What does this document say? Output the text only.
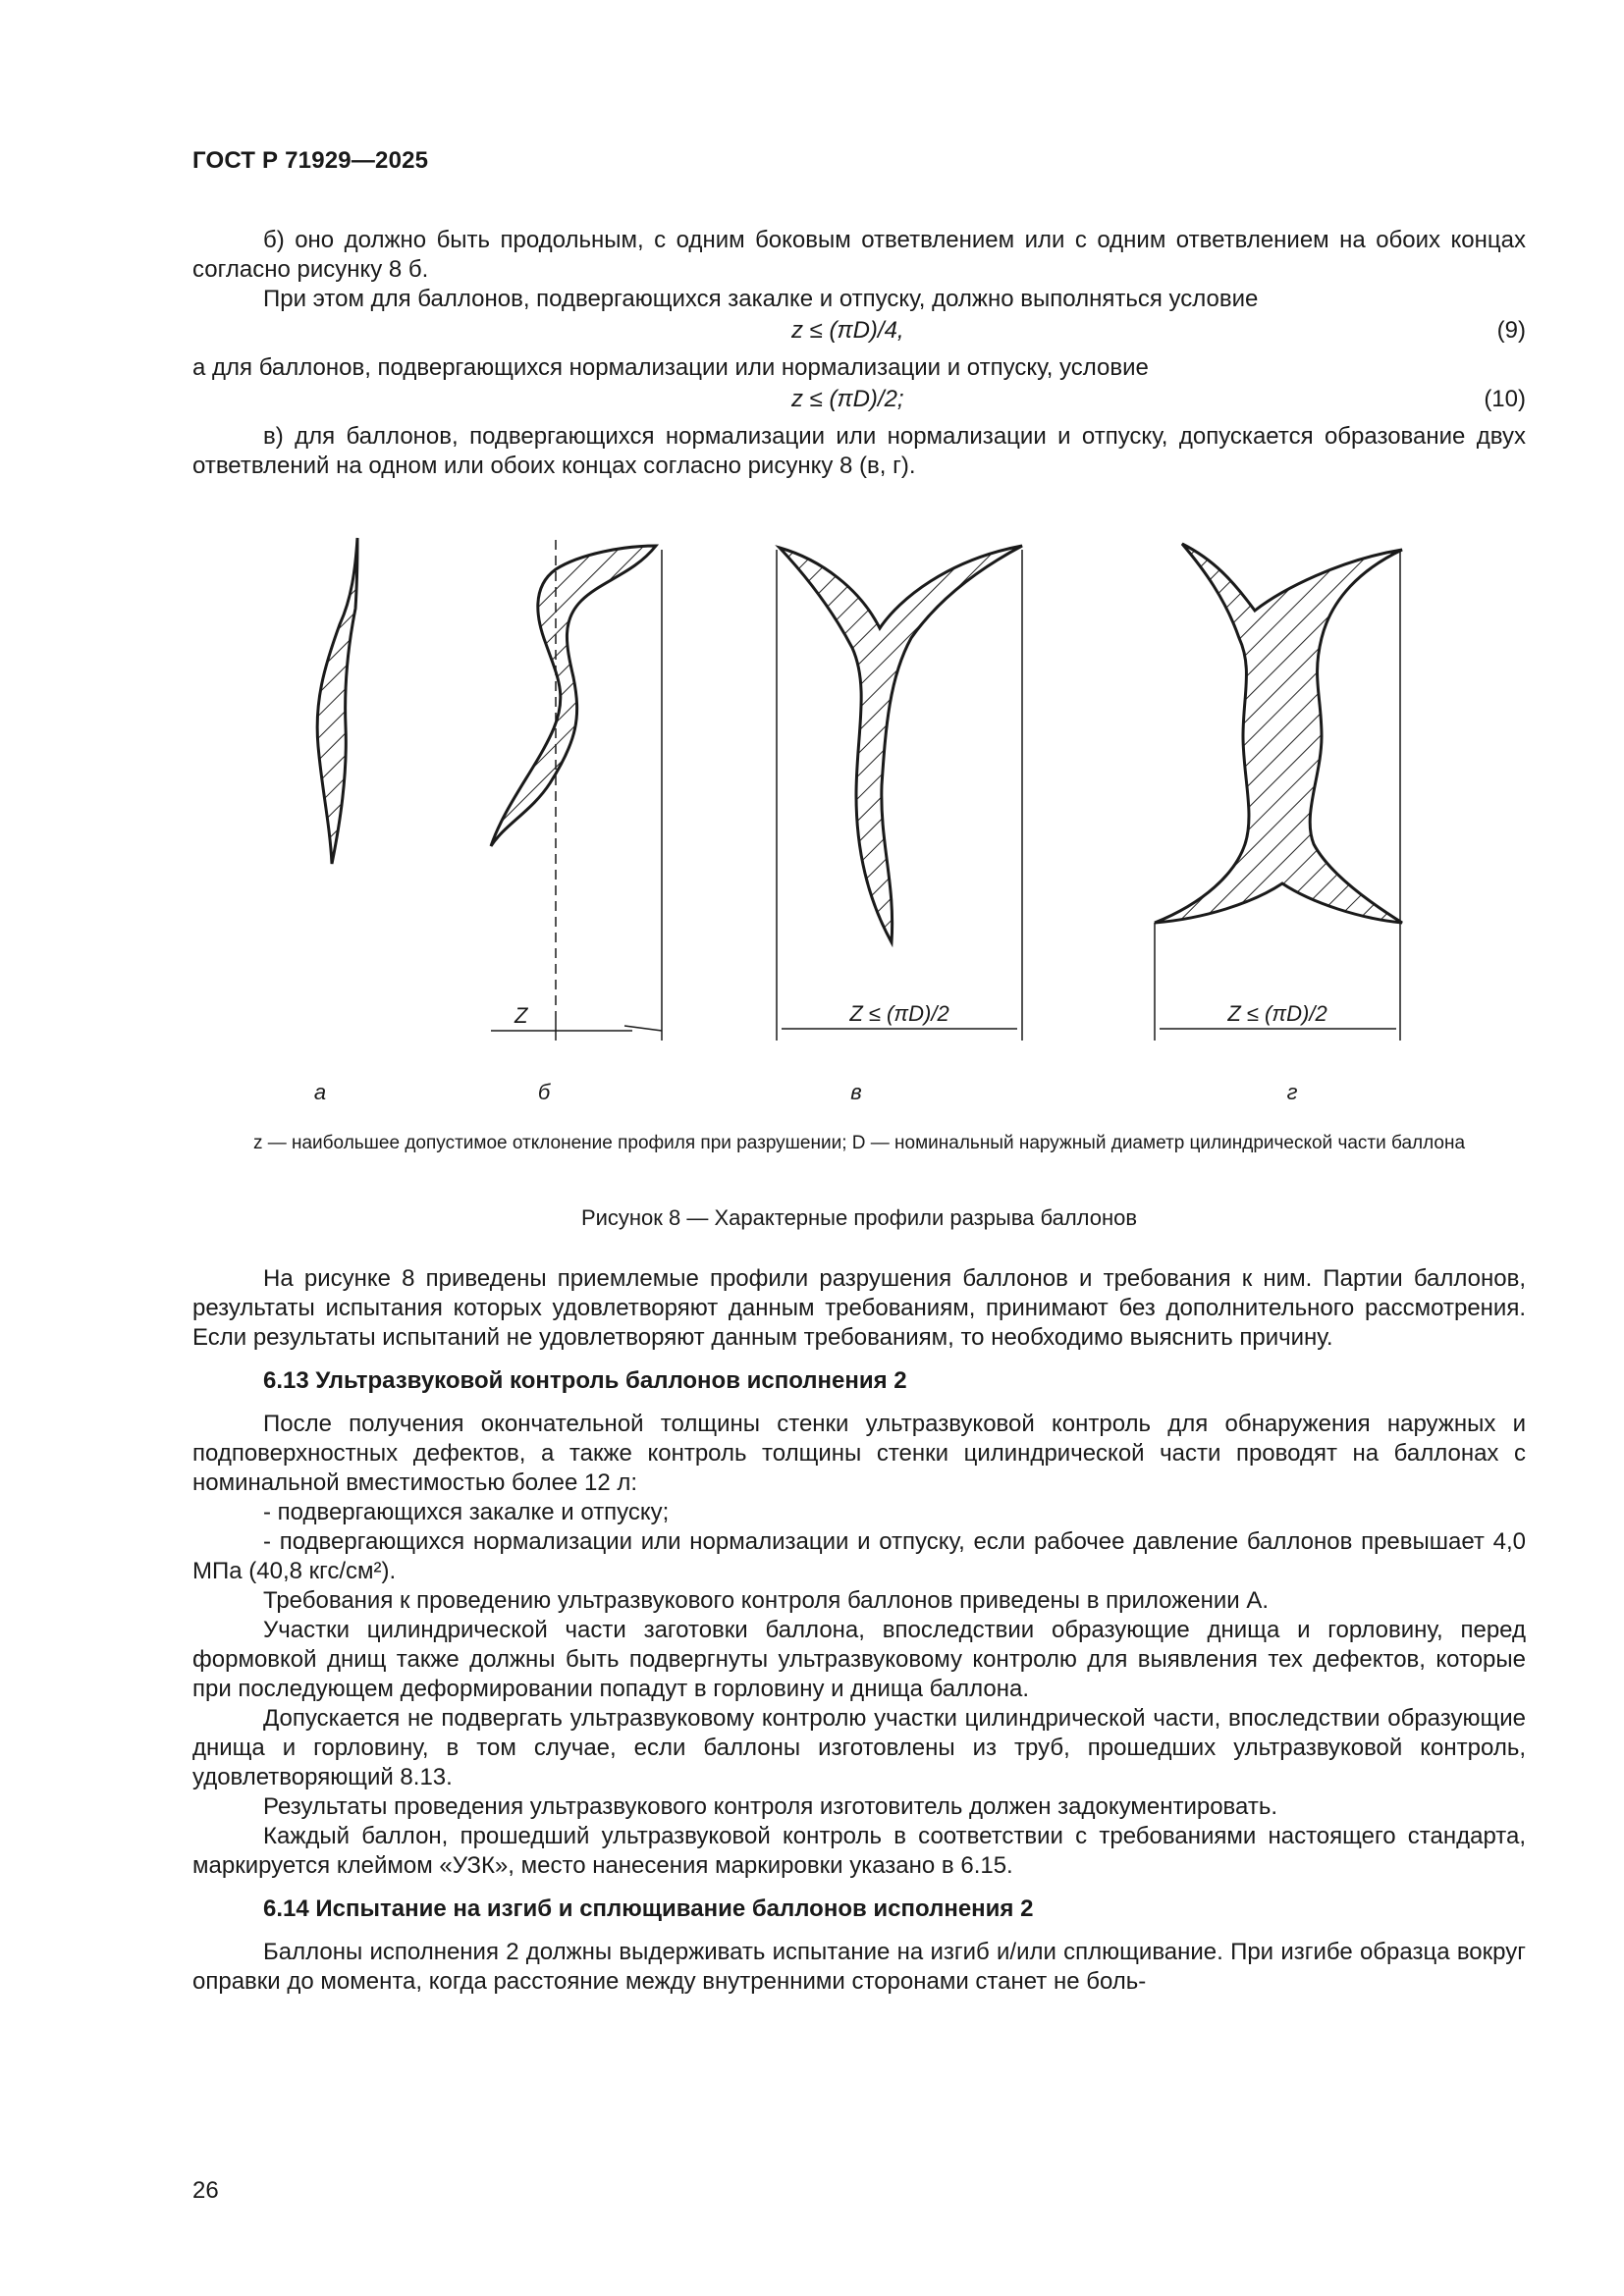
ГОСТ Р 71929—2025

б) оно должно быть продольным, с одним боковым ответвлением или с одним ответвлением на обоих концах согласно рисунку 8 б.

При этом для баллонов, подвергающихся закалке и отпуску, должно выполняться условие

z ≤ (πD)/4,	(9)

а для баллонов, подвергающихся нормализации или нормализации и отпуску, условие

z ≤ (πD)/2;	(10)

в) для баллонов, подвергающихся нормализации или нормализации и отпуску, допускается образование двух ответвлений на одном или обоих концах согласно рисунку 8 (в, г).

Z	Z ≤ (πD)/2	Z ≤ (πD)/2
а	б	в	г
z — наибольшее допустимое отклонение профиля при разрушении; D — номинальный наружный диаметр цилиндрической части баллона
Рисунок 8 — Характерные профили разрыва баллонов

На рисунке 8 приведены приемлемые профили разрушения баллонов и требования к ним. Партии баллонов, результаты испытания которых удовлетворяют данным требованиям, принимают без дополнительного рассмотрения. Если результаты испытаний не удовлетворяют данным требованиям, то необходимо выяснить причину.

6.13 Ультразвуковой контроль баллонов исполнения 2

После получения окончательной толщины стенки ультразвуковой контроль для обнаружения наружных и подповерхностных дефектов, а также контроль толщины стенки цилиндрической части проводят на баллонах с номинальной вместимостью более 12 л:

- подвергающихся закалке и отпуску;

- подвергающихся нормализации или нормализации и отпуску, если рабочее давление баллонов превышает 4,0 МПа (40,8 кгс/см²).

Требования к проведению ультразвукового контроля баллонов приведены в приложении А.

Участки цилиндрической части заготовки баллона, впоследствии образующие днища и горловину, перед формовкой днищ также должны быть подвергнуты ультразвуковому контролю для выявления тех дефектов, которые при последующем деформировании попадут в горловину и днища баллона.

Допускается не подвергать ультразвуковому контролю участки цилиндрической части, впоследствии образующие днища и горловину, в том случае, если баллоны изготовлены из труб, прошедших ультразвуковой контроль, удовлетворяющий 8.13.

Результаты проведения ультразвукового контроля изготовитель должен задокументировать.

Каждый баллон, прошедший ультразвуковой контроль в соответствии с требованиями настоящего стандарта, маркируется клеймом «УЗК», место нанесения маркировки указано в 6.15.

6.14 Испытание на изгиб и сплющивание баллонов исполнения 2

Баллоны исполнения 2 должны выдерживать испытание на изгиб и/или сплющивание. При изгибе образца вокруг оправки до момента, когда расстояние между внутренними сторонами станет не боль-

26
